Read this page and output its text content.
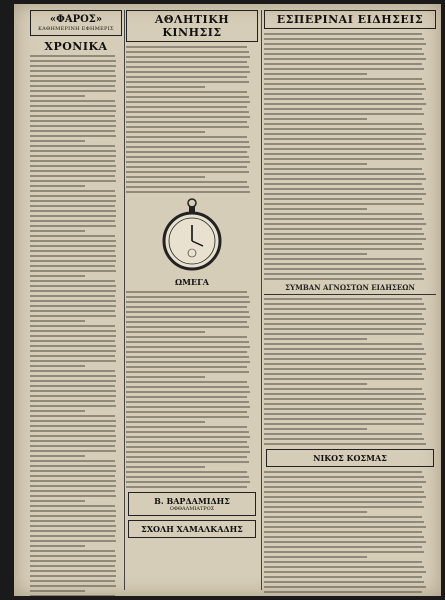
«ΦΑΡΟΣ»
ΚΑΘΗΜΕΡΙΝΗ ΕΦΗΜΕΡΙΣ
ΧΡΟΝΙΚΑ
ΑΘΛΗΤΙΚΗ ΚΙΝΗΣΙΣ
ΩΜΕΓΑ
Β. ΒΑΡΔΑΜΙΔΗΣ
ΟΦΘΑΛΜΙΑΤΡΟΣ
ΣΧΟΛΗ ΧΑΜΑΛΚΑΔΗΣ
ΕΣΠΕΡΙΝΑΙ ΕΙΔΗΣΕΙΣ
ΣΥΜΒΑΝ ΑΓΝΩΣΤΩΝ ΕΙΔΗΣΕΩΝ
ΝΙΚΟΣ ΚΟΣΜΑΣ
